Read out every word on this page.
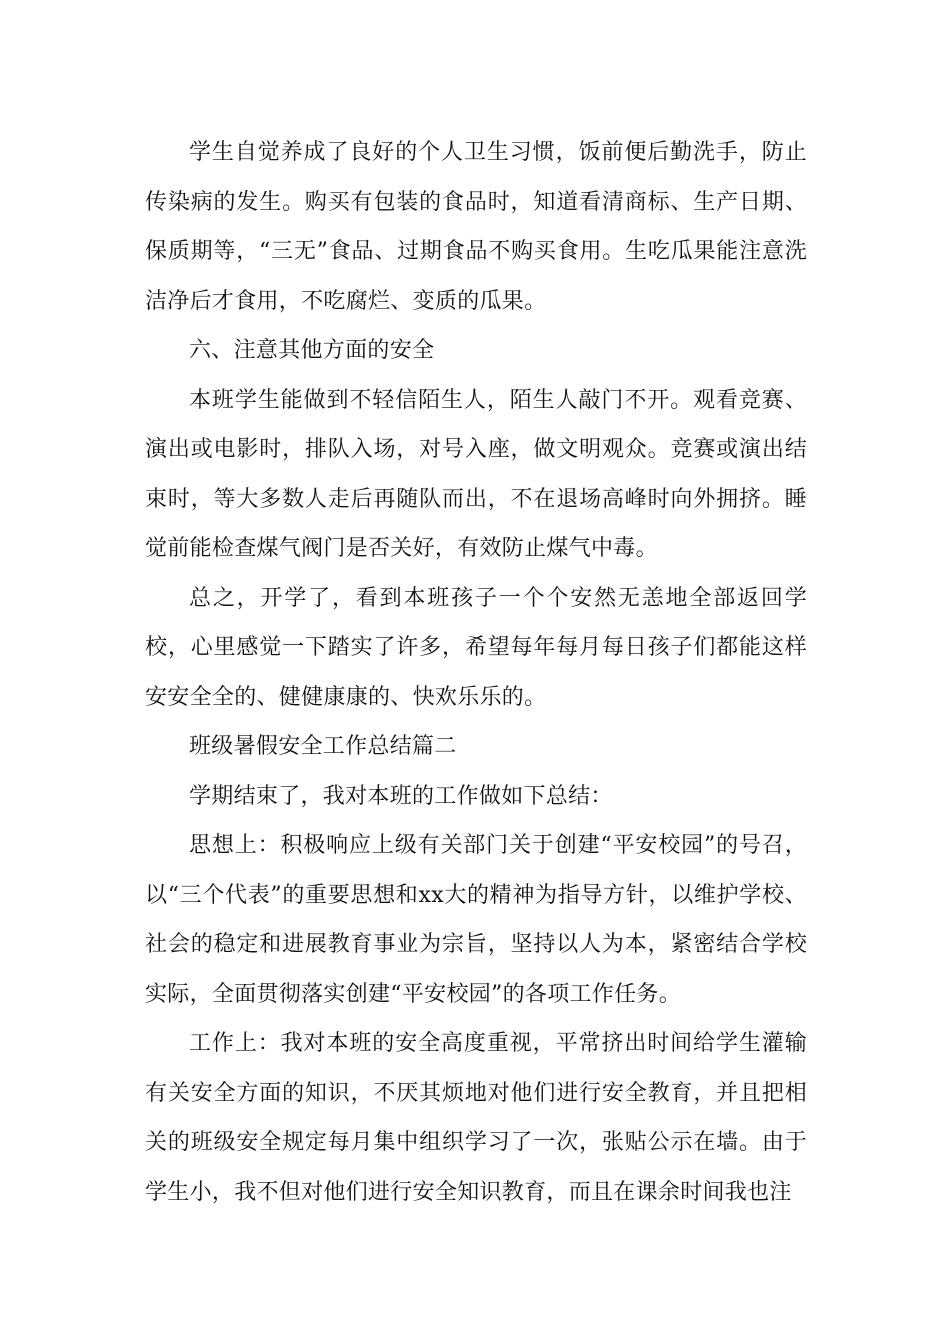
学生自觉养成了良好的个人卫生习惯，饭前便后勤洗手，防止传染病的发生。购买有包装的食品时，知道看清商标、生产日期、保质期等，“三无”食品、过期食品不购买食用。生吃瓜果能注意洗洁净后才食用，不吃腐烂、变质的瓜果。

六、注意其他方面的安全

本班学生能做到不轻信陌生人，陌生人敲门不开。观看竞赛、演出或电影时，排队入场，对号入座，做文明观众。竞赛或演出结束时，等大多数人走后再随队而出，不在退场高峰时向外拥挤。睡觉前能检查煤气阀门是否关好，有效防止煤气中毒。

总之，开学了，看到本班孩子一个个安然无恙地全部返回学校，心里感觉一下踏实了许多，希望每年每月每日孩子们都能这样安安全全的、健健康康的、快欢乐乐的。

班级暑假安全工作总结篇二

学期结束了，我对本班的工作做如下总结：

思想上：积极响应上级有关部门关于创建“平安校园”的号召，以“三个代表”的重要思想和xx大的精神为指导方针，以维护学校、社会的稳定和进展教育事业为宗旨，坚持以人为本，紧密结合学校实际，全面贯彻落实创建“平安校园”的各项工作任务。

工作上：我对本班的安全高度重视，平常挤出时间给学生灌输有关安全方面的知识，不厌其烦地对他们进行安全教育，并且把相关的班级安全规定每月集中组织学习了一次，张贴公示在墙。由于学生小，我不但对他们进行安全知识教育，而且在课余时间我也注
